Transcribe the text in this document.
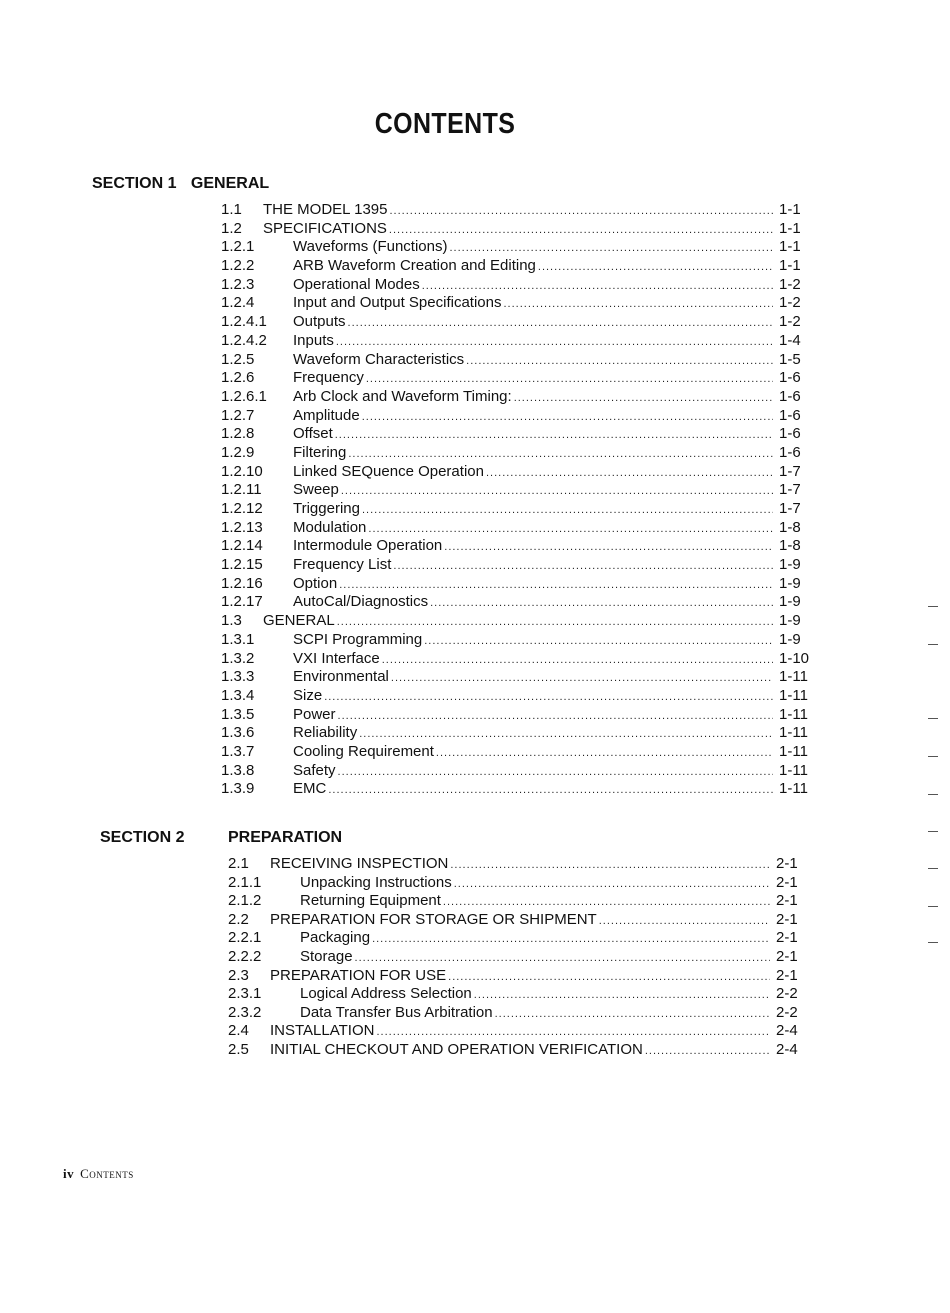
CONTENTS
SECTION 1 GENERAL
1.1	THE MODEL 1395 .....	1-1
1.2	SPECIFICATIONS .....	1-1
1.2.1	Waveforms (Functions) .....	1-1
1.2.2	ARB Waveform Creation and Editing .....	1-1
1.2.3	Operational Modes .....	1-2
1.2.4	Input and Output Specifications .....	1-2
1.2.4.1	Outputs .....	1-2
1.2.4.2	Inputs .....	1-4
1.2.5	Waveform Characteristics .....	1-5
1.2.6	Frequency .....	1-6
1.2.6.1	Arb Clock and Waveform Timing: .....	1-6
1.2.7	Amplitude .....	1-6
1.2.8	Offset .....	1-6
1.2.9	Filtering .....	1-6
1.2.10	Linked SEQuence Operation .....	1-7
1.2.11	Sweep .....	1-7
1.2.12	Triggering .....	1-7
1.2.13	Modulation .....	1-8
1.2.14	Intermodule Operation .....	1-8
1.2.15	Frequency List .....	1-9
1.2.16	Option .....	1-9
1.2.17	AutoCal/Diagnostics .....	1-9
1.3	GENERAL .....	1-9
1.3.1	SCPI Programming .....	1-9
1.3.2	VXI Interface .....	1-10
1.3.3	Environmental .....	1-11
1.3.4	Size .....	1-11
1.3.5	Power .....	1-11
1.3.6	Reliability .....	1-11
1.3.7	Cooling Requirement .....	1-11
1.3.8	Safety .....	1-11
1.3.9	EMC .....	1-11
SECTION 2	PREPARATION
2.1	RECEIVING INSPECTION .....	2-1
2.1.1	Unpacking Instructions .....	2-1
2.1.2	Returning Equipment .....	2-1
2.2	PREPARATION FOR STORAGE OR SHIPMENT .....	2-1
2.2.1	Packaging .....	2-1
2.2.2	Storage .....	2-1
2.3	PREPARATION FOR USE .....	2-1
2.3.1	Logical Address Selection .....	2-2
2.3.2	Data Transfer Bus Arbitration .....	2-2
2.4	INSTALLATION .....	2-4
2.5	INITIAL CHECKOUT AND OPERATION VERIFICATION .....	2-4
iv Contents
